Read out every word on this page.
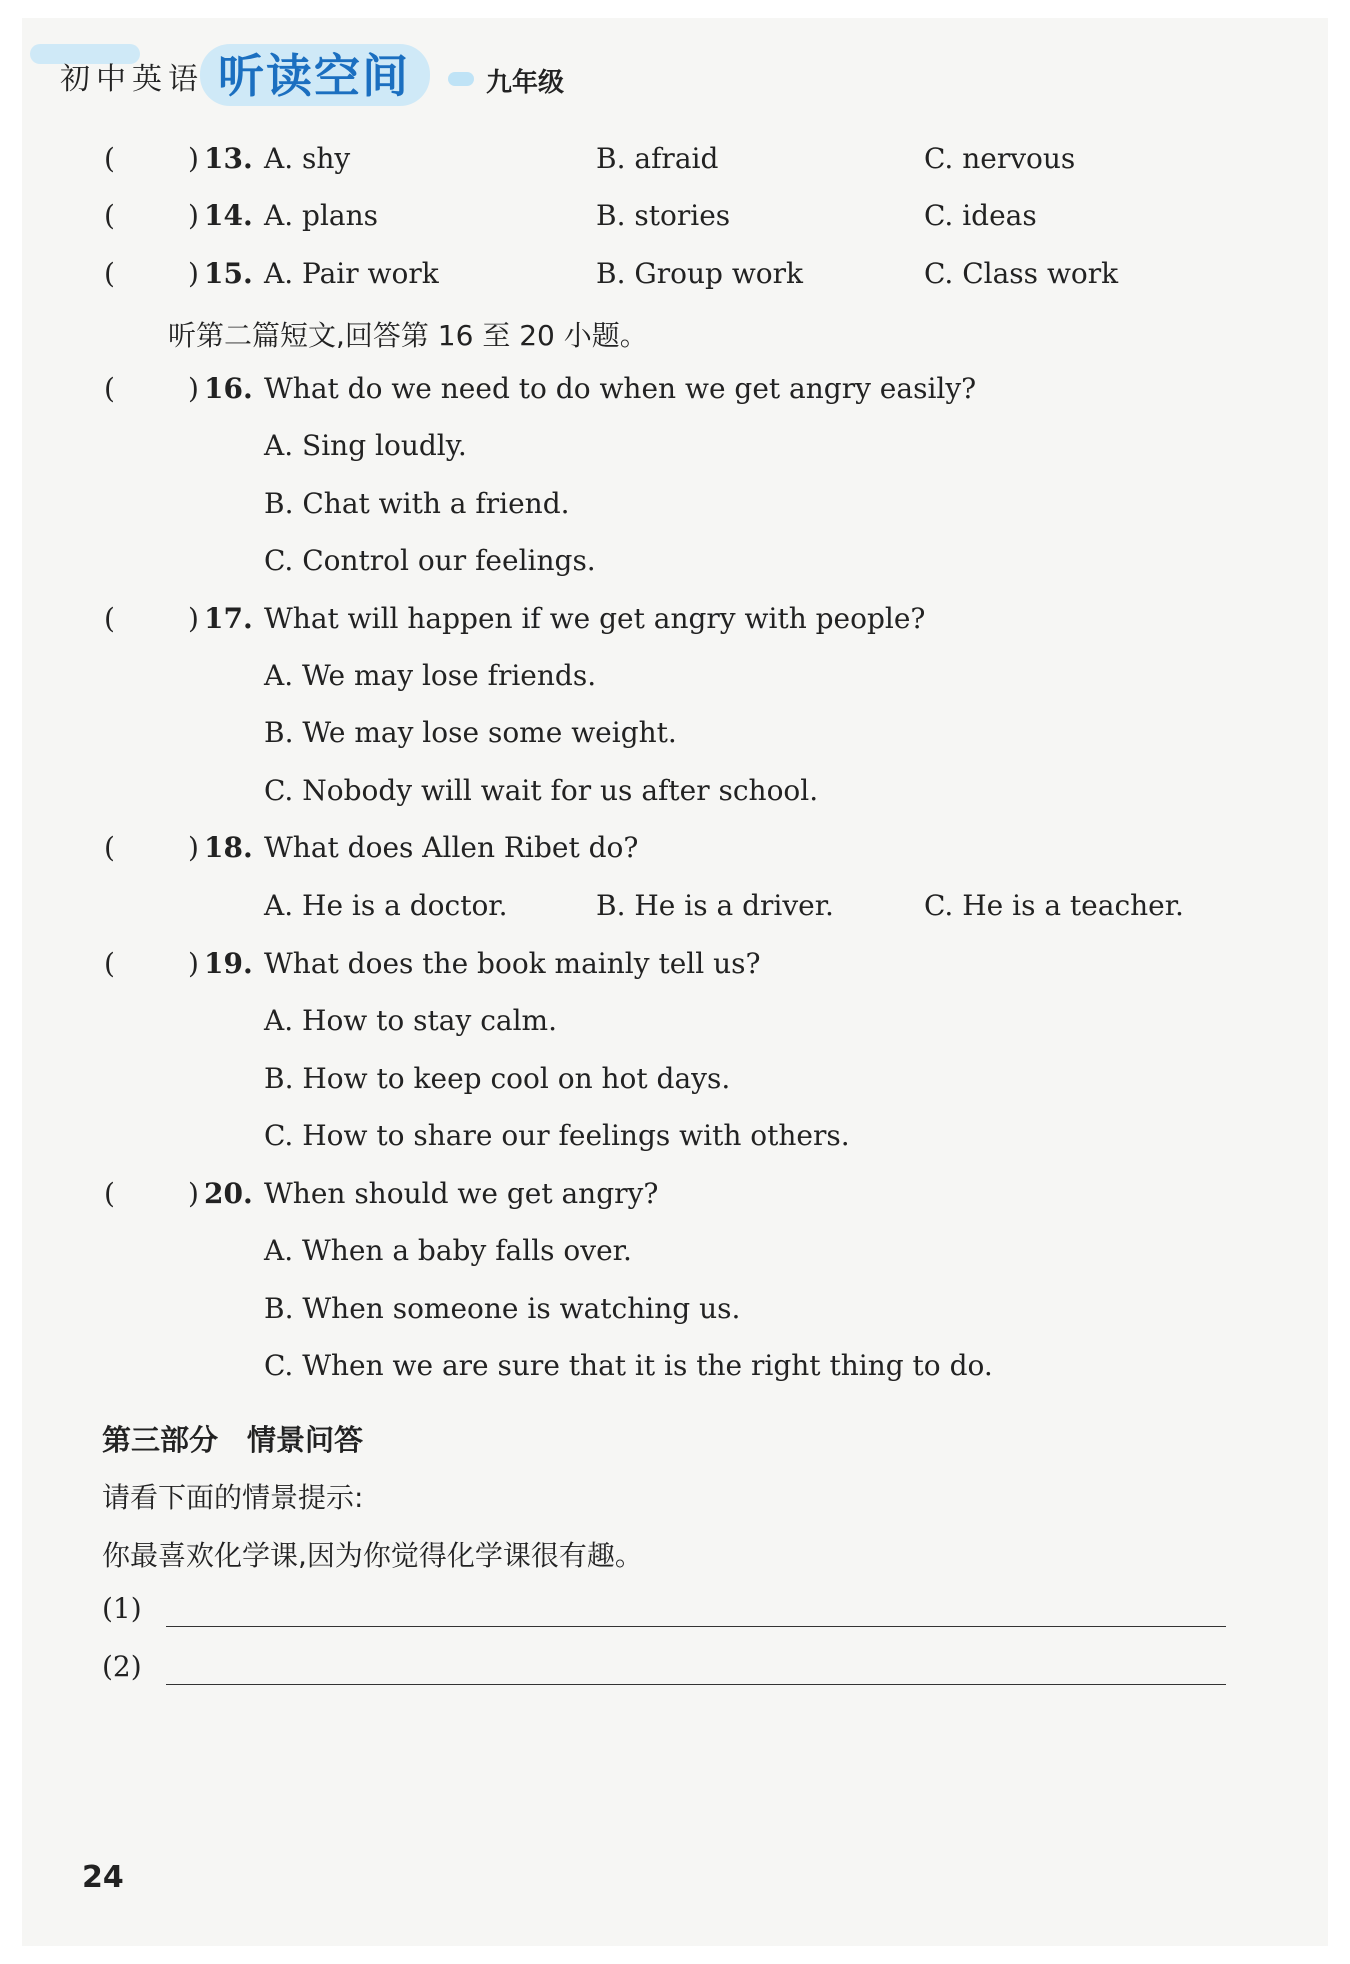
初中英语 听读空间	九年级
(	) 13. A. shy	B. afraid	C. nervous
(	) 14. A. plans	B. stories	C. ideas
(	) 15. A. Pair work	B. Group work	C. Class work
听第二篇短文,回答第 16 至 20 小题。
(	) 16. What do we need to do when we get angry easily?
A. Sing loudly.
B. Chat with a friend.
C. Control our feelings.
(	) 17. What will happen if we get angry with people?
A. We may lose friends.
B. We may lose some weight.
C. Nobody will wait for us after school.
(	) 18. What does Allen Ribet do?
A. He is a doctor.	B. He is a driver.	C. He is a teacher.
(	) 19. What does the book mainly tell us?
A. How to stay calm.
B. How to keep cool on hot days.
C. How to share our feelings with others.
(	) 20. When should we get angry?
A. When a baby falls over.
B. When someone is watching us.
C. When we are sure that it is the right thing to do.
第三部分　情景问答
请看下面的情景提示:
你最喜欢化学课,因为你觉得化学课很有趣。
(1)
(2)
24
